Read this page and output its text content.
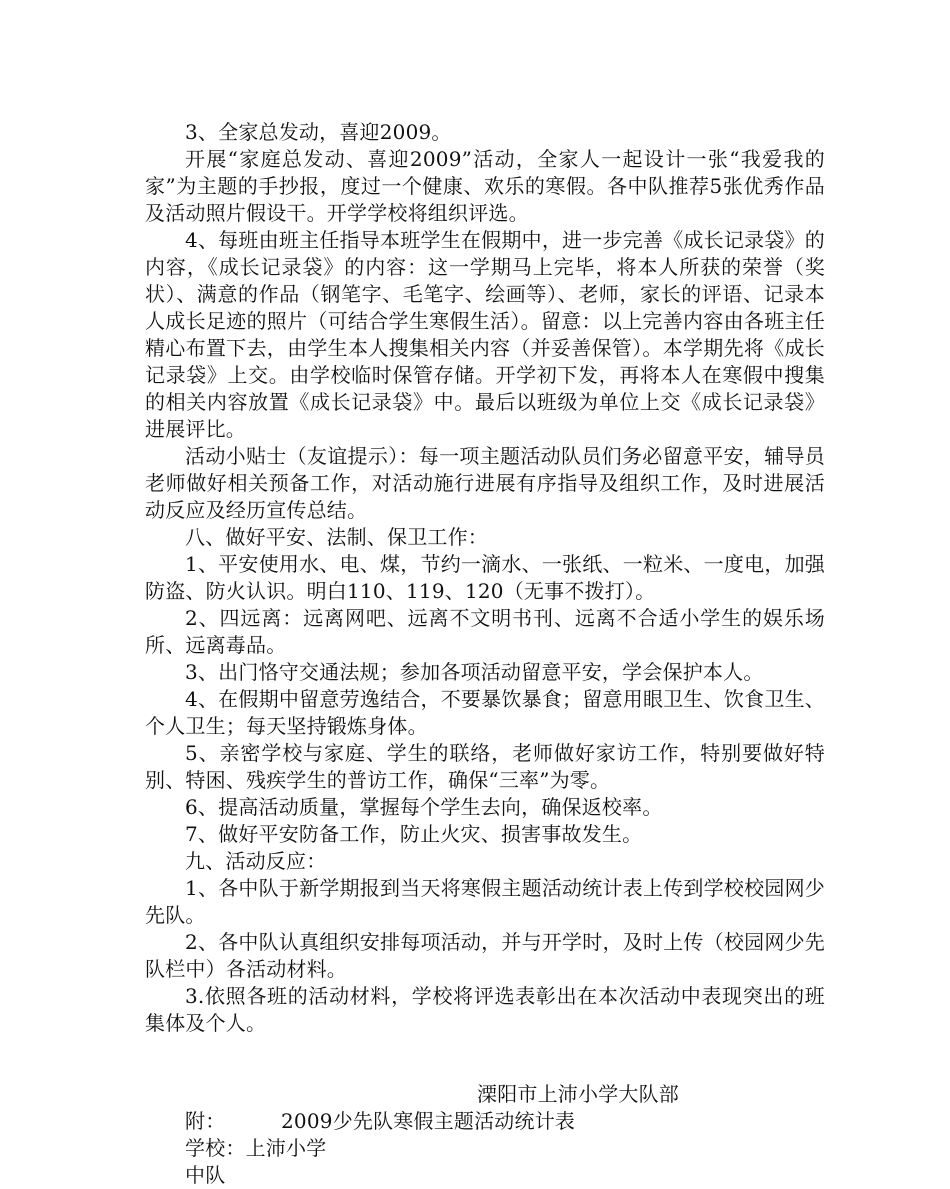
3、全家总发动，喜迎2009。

开展“家庭总发动、喜迎2009”活动，全家人一起设计一张“我爱我的家”为主题的手抄报，度过一个健康、欢乐的寒假。各中队推荐5张优秀作品及活动照片假设干。开学学校将组织评选。

4、每班由班主任指导本班学生在假期中，进一步完善《成长记录袋》的内容，《成长记录袋》的内容：这一学期马上完毕，将本人所获的荣誉（奖状）、满意的作品（钢笔字、毛笔字、绘画等）、老师，家长的评语、记录本人成长足迹的照片（可结合学生寒假生活）。留意：以上完善内容由各班主任精心布置下去，由学生本人搜集相关内容（并妥善保管）。本学期先将《成长记录袋》上交。由学校临时保管存储。开学初下发，再将本人在寒假中搜集的相关内容放置《成长记录袋》中。最后以班级为单位上交《成长记录袋》进展评比。

活动小贴士（友谊提示）：每一项主题活动队员们务必留意平安，辅导员老师做好相关预备工作，对活动施行进展有序指导及组织工作，及时进展活动反应及经历宣传总结。

八、做好平安、法制、保卫工作：

1、平安使用水、电、煤，节约一滴水、一张纸、一粒米、一度电，加强防盗、防火认识。明白110、119、120（无事不拨打）。

2、四远离：远离网吧、远离不文明书刊、远离不合适小学生的娱乐场所、远离毒品。

3、出门恪守交通法规；参加各项活动留意平安，学会保护本人。

4、在假期中留意劳逸结合，不要暴饮暴食；留意用眼卫生、饮食卫生、个人卫生；每天坚持锻炼身体。

5、亲密学校与家庭、学生的联络，老师做好家访工作，特别要做好特别、特困、残疾学生的普访工作，确保“三率”为零。

6、提高活动质量，掌握每个学生去向，确保返校率。

7、做好平安防备工作，防止火灾、损害事故发生。

九、活动反应：

1、各中队于新学期报到当天将寒假主题活动统计表上传到学校校园网少先队。

2、各中队认真组织安排每项活动，并与开学时，及时上传（校园网少先队栏中）各活动材料。

3.依照各班的活动材料，学校将评选表彰出在本次活动中表现突出的班集体及个人。

溧阳市上沛小学大队部

附：	2009少先队寒假主题活动统计表

学校：上沛小学

中队
